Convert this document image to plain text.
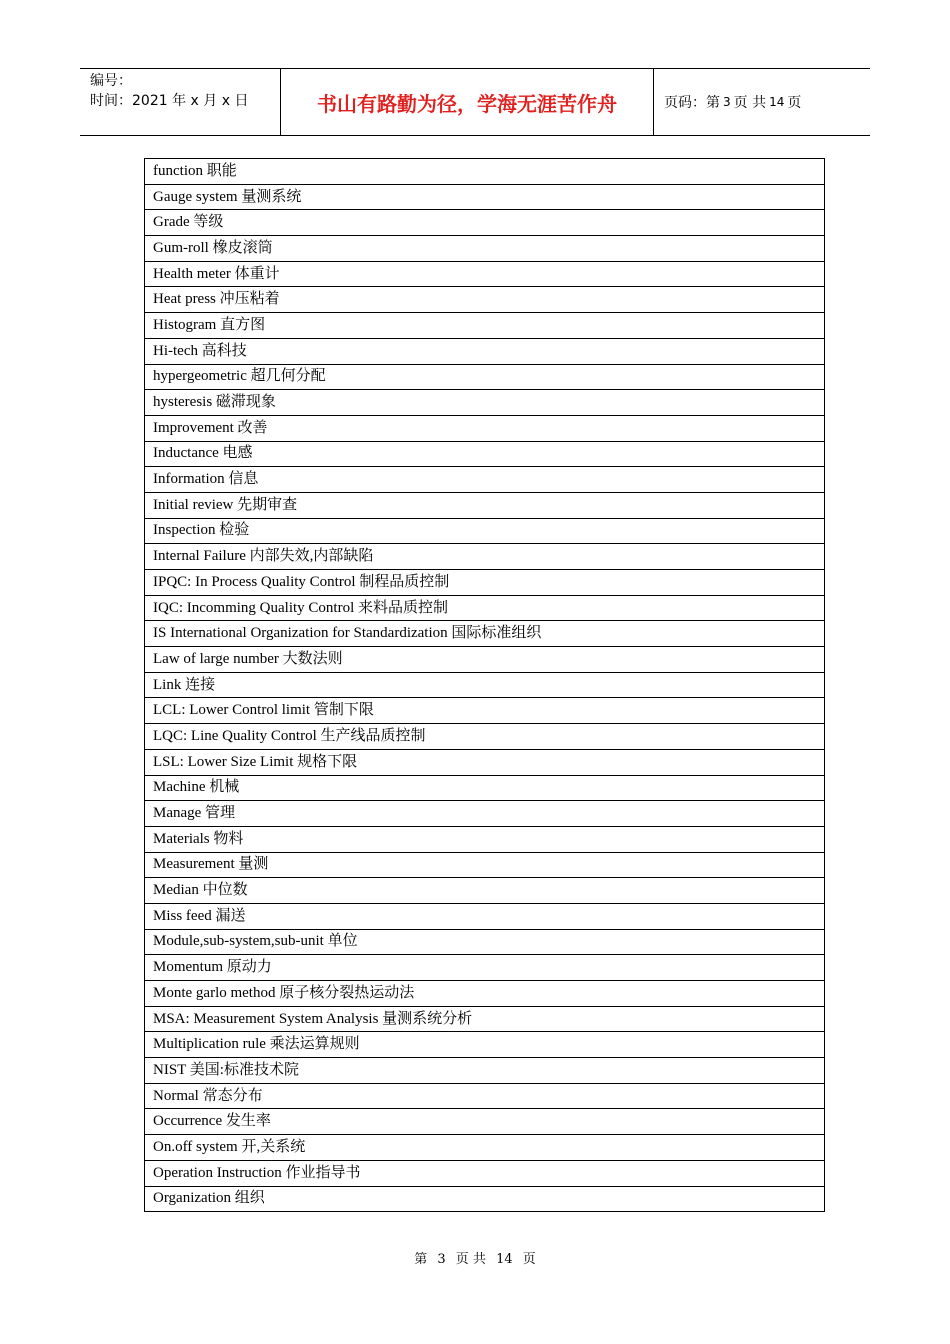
编号：
时间：2021 年 x 月 x 日	书山有路勤为径，学海无涯苦作舟	页码：第 3 页 共 14 页
function 职能
Gauge system 量测系统
Grade 等级
Gum-roll 橡皮滚筒
Health meter 体重计
Heat press 冲压粘着
Histogram 直方图
Hi-tech 高科技
hypergeometric 超几何分配
hysteresis 磁滞现象
Improvement 改善
Inductance 电感
Information 信息
Initial review 先期审查
Inspection 检验
Internal Failure 内部失效,内部缺陷
IPQC: In Process Quality Control 制程品质控制
IQC: Incomming Quality Control 来料品质控制
IS International Organization for Standardization 国际标准组织
Law of large number 大数法则
Link 连接
LCL: Lower Control limit 管制下限
LQC: Line Quality Control 生产线品质控制
LSL: Lower Size Limit 规格下限
Machine 机械
Manage 管理
Materials 物料
Measurement 量测
Median 中位数
Miss feed 漏送
Module,sub-system,sub-unit 单位
Momentum 原动力
Monte garlo method 原子核分裂热运动法
MSA: Measurement System Analysis 量测系统分析
Multiplication rule 乘法运算规则
NIST 美国:标准技术院
Normal 常态分布
Occurrence 发生率
On.off system 开,关系统
Operation Instruction 作业指导书
Organization 组织
第 3 页 共 14 页
